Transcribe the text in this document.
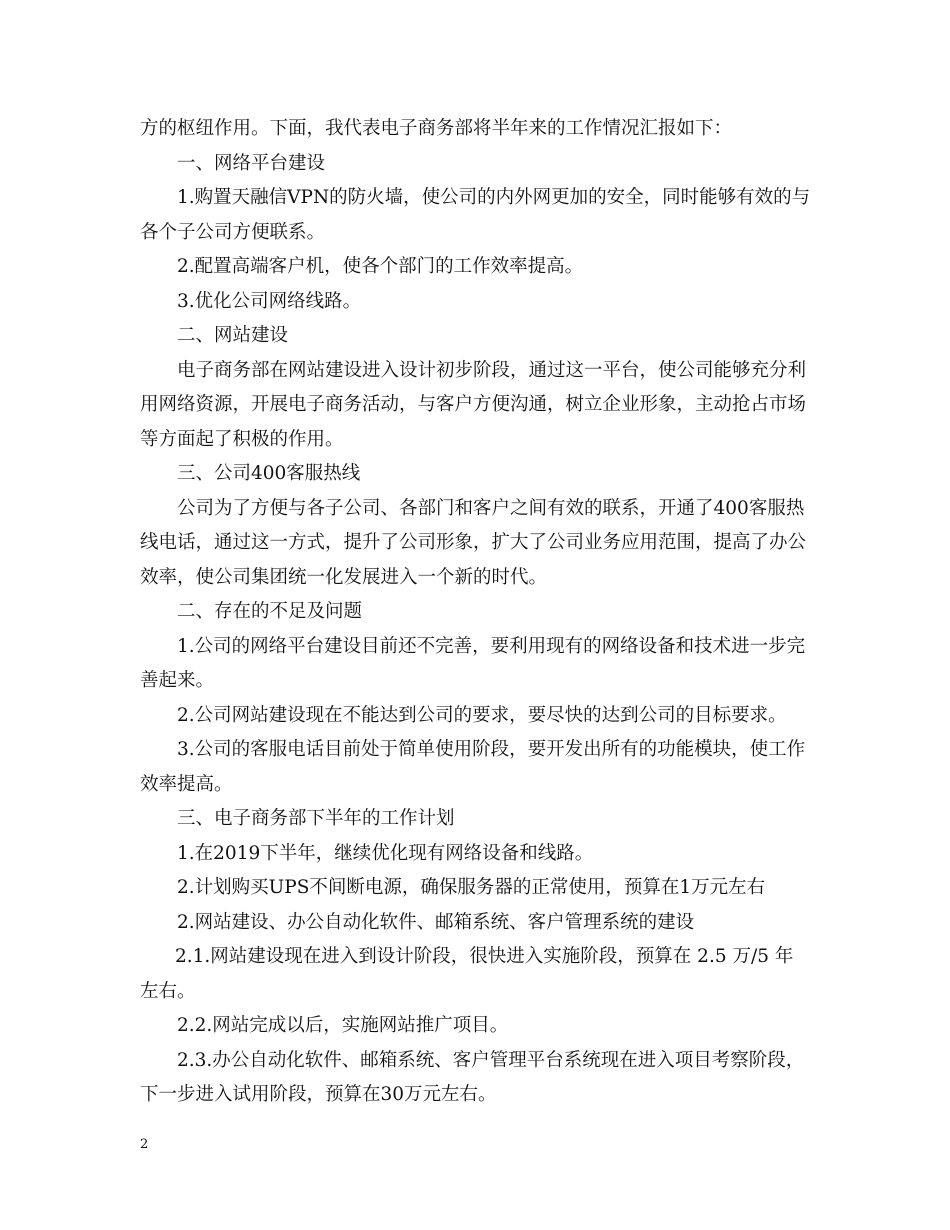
方的枢纽作用。下面，我代表电子商务部将半年来的工作情况汇报如下：
一、网络平台建设
1.购置天融信VPN的防火墙，使公司的内外网更加的安全，同时能够有效的与
各个子公司方便联系。
2.配置高端客户机，使各个部门的工作效率提高。
3.优化公司网络线路。
二、网站建设
电子商务部在网站建设进入设计初步阶段，通过这一平台，使公司能够充分利
用网络资源，开展电子商务活动，与客户方便沟通，树立企业形象，主动抢占市场
等方面起了积极的作用。
三、公司400客服热线
公司为了方便与各子公司、各部门和客户之间有效的联系，开通了400客服热
线电话，通过这一方式，提升了公司形象，扩大了公司业务应用范围，提高了办公
效率，使公司集团统一化发展进入一个新的时代。
二、存在的不足及问题
1.公司的网络平台建设目前还不完善，要利用现有的网络设备和技术进一步完
善起来。
2.公司网站建设现在不能达到公司的要求，要尽快的达到公司的目标要求。
3.公司的客服电话目前处于简单使用阶段，要开发出所有的功能模块，使工作
效率提高。
三、电子商务部下半年的工作计划
1.在2019下半年，继续优化现有网络设备和线路。
2.计划购买UPS不间断电源，确保服务器的正常使用，预算在1万元左右
2.网站建设、办公自动化软件、邮箱系统、客户管理系统的建设
2.1.网站建设现在进入到设计阶段，很快进入实施阶段，预算在 2.5 万/5 年
左右。
2.2.网站完成以后，实施网站推广项目。
2.3.办公自动化软件、邮箱系统、客户管理平台系统现在进入项目考察阶段，
下一步进入试用阶段，预算在30万元左右。
2
